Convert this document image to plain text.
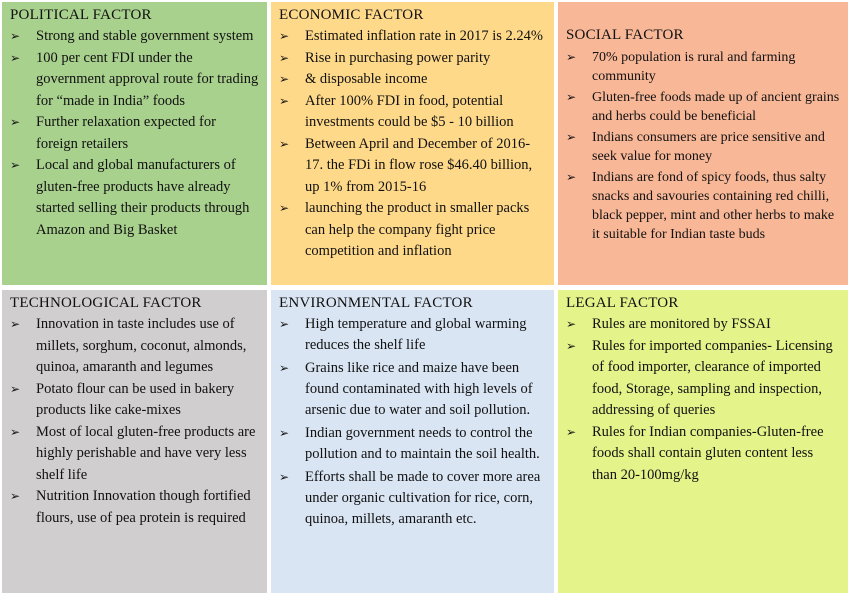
POLITICAL FACTOR
➢	Strong and stable government system
➢	100 per cent FDI under the government approval route for trading for “made in India” foods
➢	Further relaxation expected for foreign retailers
➢	Local and global manufacturers of gluten-free products have already started selling their products through Amazon and Big Basket
ECONOMIC FACTOR
➢	Estimated inflation rate in 2017 is 2.24%
➢	Rise in purchasing power parity
➢	& disposable income
➢	After 100% FDI in food, potential investments could be $5 - 10 billion
➢	Between April and December of 2016-17. the FDi in flow rose $46.40 billion, up 1% from 2015-16
➢	launching the product in smaller packs can help the company fight price competition and inflation
SOCIAL FACTOR
➢	70% population is rural and farming community
➢	Gluten-free foods made up of ancient grains and herbs could be beneficial
➢	Indians consumers are price sensitive and seek value for money
➢	Indians are fond of spicy foods, thus salty snacks and savouries containing red chilli, black pepper, mint and other herbs to make it suitable for Indian taste buds
TECHNOLOGICAL FACTOR
➢	Innovation in taste includes use of millets, sorghum, coconut, almonds, quinoa, amaranth and legumes
➢	Potato flour can be used in bakery products like cake-mixes
➢	Most of local gluten-free products are highly perishable and have very less shelf life
➢	Nutrition Innovation though fortified flours, use of pea protein is required
ENVIRONMENTAL FACTOR
➢	High temperature and global warming reduces the shelf life
➢	Grains like rice and maize have been found contaminated with high levels of arsenic due to water and soil pollution.
➢	Indian government needs to control the pollution and to maintain the soil health.
➢	Efforts shall be made to cover more area under organic cultivation for rice, corn, quinoa, millets, amaranth etc.
LEGAL FACTOR
➢	Rules are monitored by FSSAI
➢	Rules for imported companies- Licensing of food importer, clearance of imported food, Storage, sampling and inspection, addressing of queries
➢	Rules for Indian companies-Gluten-free foods shall contain gluten content less than 20-100mg/kg
